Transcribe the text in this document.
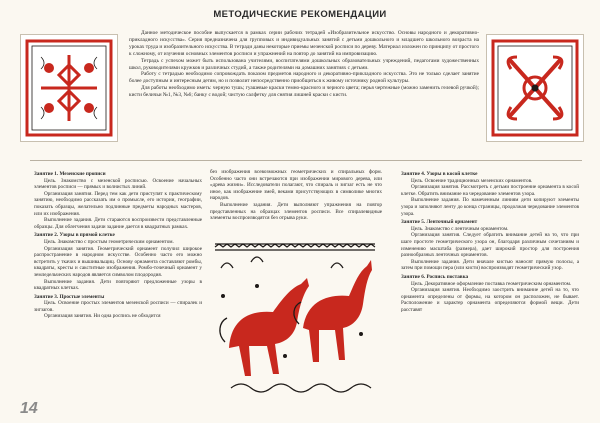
МЕТОДИЧЕСКИЕ РЕКОМЕНДАЦИИ

Данное методическое пособие выпускается в рамках серии рабочих тетрадей «Изобразительное искусство. Основы народного и декоративно-прикладного искусства». Серия предназначена для групповых и индивидуальных занятий с детьми дошкольного и младшего школьного возраста на уроках труда и изобразительного искусства. В тетради даны некоторые приемы мезенской росписи по дереву. Материал изложен по принципу от простого к сложному, от изучения основных элементов росписи и упражнений на повтор до занятий на импровизацию.

Тетрадь с успехом может быть использована учителями, воспитателями дошкольных образовательных учреждений, педагогами художественных школ, руководителями кружков и различных студий, а также родителями на домашних занятиях с детьми.

Работу с тетрадью необходимо сопровождать показом предметов народного и декоративно-прикладного искусства. Это не только сделает занятие более доступным и интересным детям, но и позволит непосредственно приобщиться к живому источнику родной культуры.

Для работы необходимо иметь: черную тушь; гуашевые краски темно-красного и черного цвета; перья чертежные (можно заменить гелевой ручкой); кисти беличьи №1, №3, №6; банку с водой; чистую салфетку для снятия лишней краски с кисти.

Занятие 1. Мезенские прописи

Цель. Знакомство с мезенской росписью. Освоение начальных элементов росписи — прямых и волнистых линий.

Организация занятия. Перед тем как дети приступят к практическому занятию, необходимо рассказать им о промысле, его истории, географии, показать образцы, желательно подлинные предметы народных мастеров, или их изображения.

Выполнение задания. Дети стараются воспроизвести представленные образцы. Для облегчения задачи задание дается в квадратных рамках.

Занятие 2. Узоры в прямой клетке

Цель. Знакомство с простым геометрическим орнаментом.

Организация занятия. Геометрический орнамент получил широкое распространение в народном искусстве. Особенно часто его можно встретить у ткачих и вышивальщиц. Основу орнамента составляют ромбы, квадраты, кресты и сакститные изображения. Ромбо-точечный орнамент у земледельческих народов является символом плодородия.

Выполнение задания. Дети повторяют предложенные узоры в квадратных клетках.

Занятие 3. Простые элементы

Цель. Освоение простых элементов мезенской росписи — спиралек и зигзагов.

Организация занятия. Ни одна роспись не обходится

без изображения всевозможных геометрических и спиральных форм. Особенно часто они встречаются при изображении мирового дерева, или «древа жизни». Исследователи полагают, что спираль и зигзаг есть не что иное, как изображение змей, веками присутствующих в символике многих народов.

Выполнение задания. Дети выполняют упражнения на повтор представленных на образцах элементов росписи. Все спиралевидные элементы воспроизводятся без отрыва руки.

Занятие 4. Узоры в косой клетке

Цель. Освоение традиционных мезенских орнаментов.

Организация занятия. Рассмотреть с детьми построение орнамента в косой клетке. Обратить внимание на чередование элементов узора.

Выполнение задания. По намеченным линиям дети копируют элементы узора и заполняют ленту до конца страницы, продолжая чередование элементов узора.

Занятие 5. Ленточный орнамент

Цель. Знакомство с ленточным орнаментом.

Организация занятия. Следует обратить внимание детей на то, что при шаге простоте геометрического узора он, благодаря различным сочетаниям и изменению масштаба (размера), дает широкий простор для построения разнообразных ленточных орнаментов.

Выполнение задания. Дети вначале кистью наносят прямую полосы, а затем при помощи пера (или кисти) воспроизводят геометрический узор.

Занятие 6. Роспись поставка

Цель. Декоративное оформление поставка геометрическим орнаментом.

Организация занятия. Необходимо заострить внимание детей на то, что орнамента определены от формы, на котором он расположен, не бывает. Расположение и характер орнамента определяются формой вещи. Дети расставят

14
